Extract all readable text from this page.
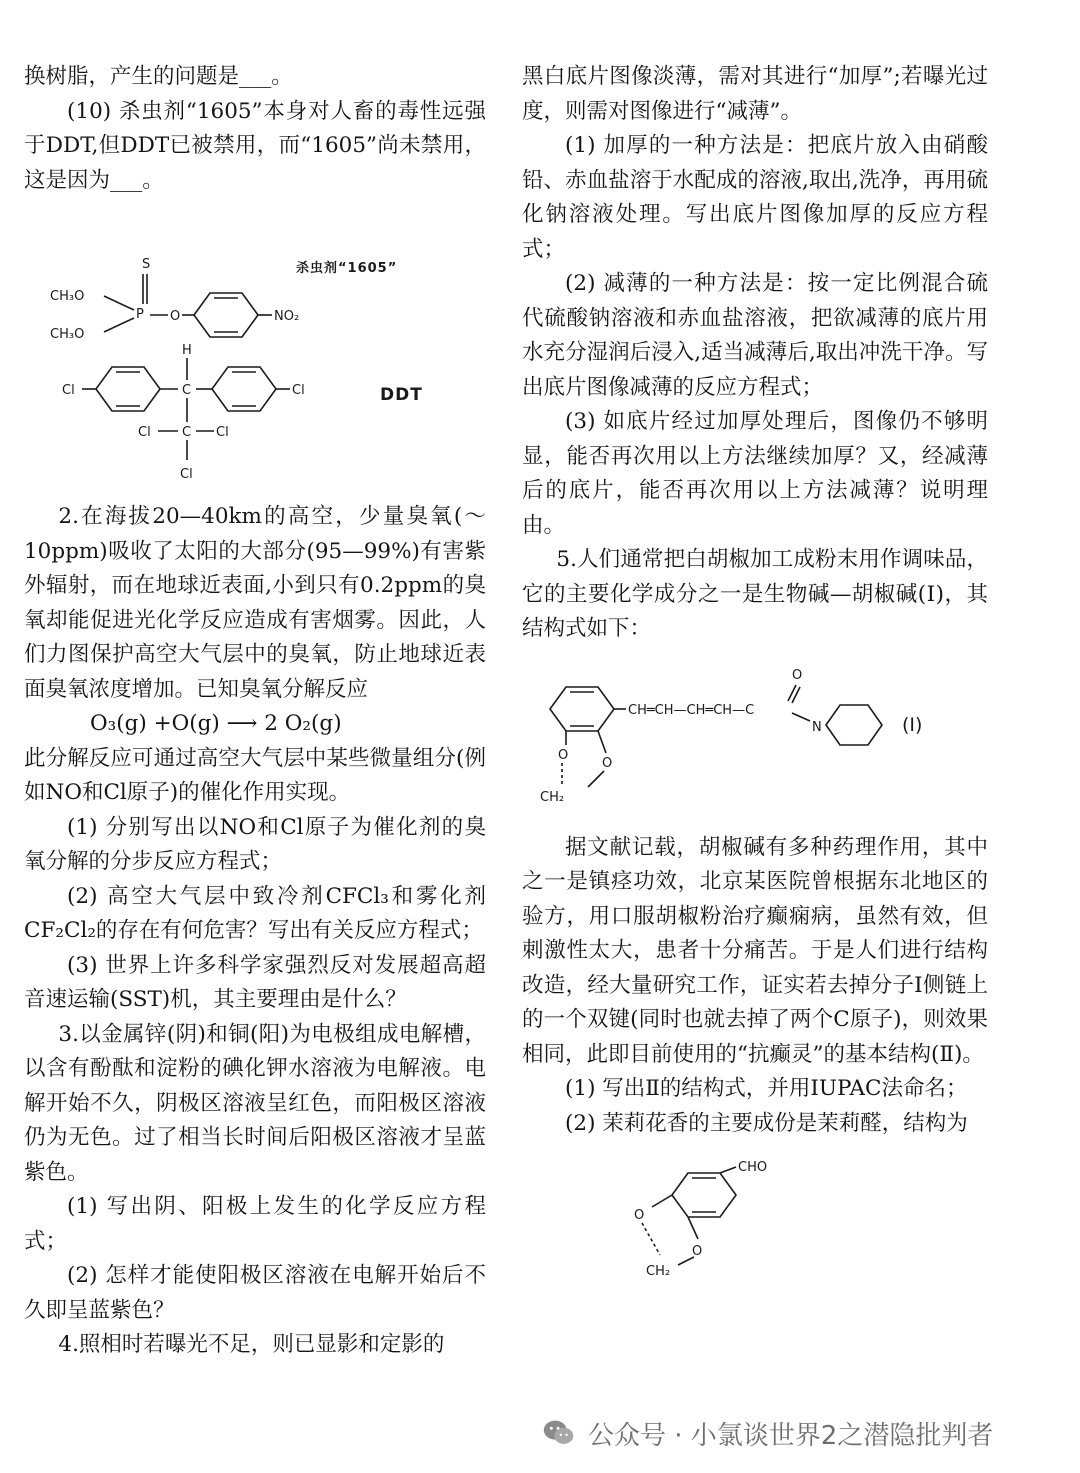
换树脂，产生的问题是___。

(10) 杀虫剂“1605”本身对人畜的毒性远强于DDT,但DDT已被禁用，而“1605”尚未禁用，这是因为___。

杀虫剂“1605”
CH₃O
CH₃O
S
P O	NO₂
H
C
C
Cl	Cl
Cl	Cl
Cl
DDT

2.在海拔20—40km的高空，少量臭氧(～10ppm)吸收了太阳的大部分(95—99%)有害紫外辐射，而在地球近表面,小到只有0.2ppm的臭氧却能促进光化学反应造成有害烟雾。因此，人们力图保护高空大气层中的臭氧，防止地球近表面臭氧浓度增加。已知臭氧分解反应

O₃(g) +O(g) ⟶ 2 O₂(g)

此分解反应可通过高空大气层中某些微量组分(例如NO和Cl原子)的催化作用实现。

(1) 分别写出以NO和Cl原子为催化剂的臭氧分解的分步反应方程式；

(2) 高空大气层中致冷剂CFCl₃和雾化剂CF₂Cl₂的存在有何危害？写出有关反应方程式；

(3) 世界上许多科学家强烈反对发展超高超音速运输(SST)机，其主要理由是什么？

3.以金属锌(阴)和铜(阳)为电极组成电解槽，以含有酚酞和淀粉的碘化钾水溶液为电解液。电解开始不久，阴极区溶液呈红色，而阳极区溶液仍为无色。过了相当长时间后阳极区溶液才呈蓝紫色。

(1) 写出阴、阳极上发生的化学反应方程式；

(2) 怎样才能使阳极区溶液在电解开始后不久即呈蓝紫色？

4.照相时若曝光不足，则已显影和定影的

黑白底片图像淡薄，需对其进行“加厚”;若曝光过度，则需对图像进行“减薄”。

(1) 加厚的一种方法是：把底片放入由硝酸铅、赤血盐溶于水配成的溶液,取出,洗净，再用硫化钠溶液处理。写出底片图像加厚的反应方程式；

(2) 减薄的一种方法是：按一定比例混合硫代硫酸钠溶液和赤血盐溶液，把欲减薄的底片用水充分湿润后浸入,适当减薄后,取出冲洗干净。写出底片图像减薄的反应方程式；

(3) 如底片经过加厚处理后，图像仍不够明显，能否再次用以上方法继续加厚？又，经减薄后的底片，能否再次用以上方法减薄？说明理由。

5.人们通常把白胡椒加工成粉末用作调味品，它的主要化学成分之一是生物碱—胡椒碱(Ⅰ)，其结构式如下：

CH═CH—CH═CH—C
O
N	(Ⅰ)
O
O
CH₂

据文献记载，胡椒碱有多种药理作用，其中之一是镇痉功效，北京某医院曾根据东北地区的验方，用口服胡椒粉治疗癫痫病，虽然有效，但刺激性太大，患者十分痛苦。于是人们进行结构改造，经大量研究工作，证实若去掉分子Ⅰ侧链上的一个双键(同时也就去掉了两个C原子)，则效果相同，此即目前使用的“抗癫灵”的基本结构(Ⅱ)。

(1) 写出Ⅱ的结构式，并用IUPAC法命名；

(2) 茉莉花香的主要成份是茉莉醛，结构为

CHO
O
O
CH₂
公众号 · 小氯谈世界2之潜隐批判者
